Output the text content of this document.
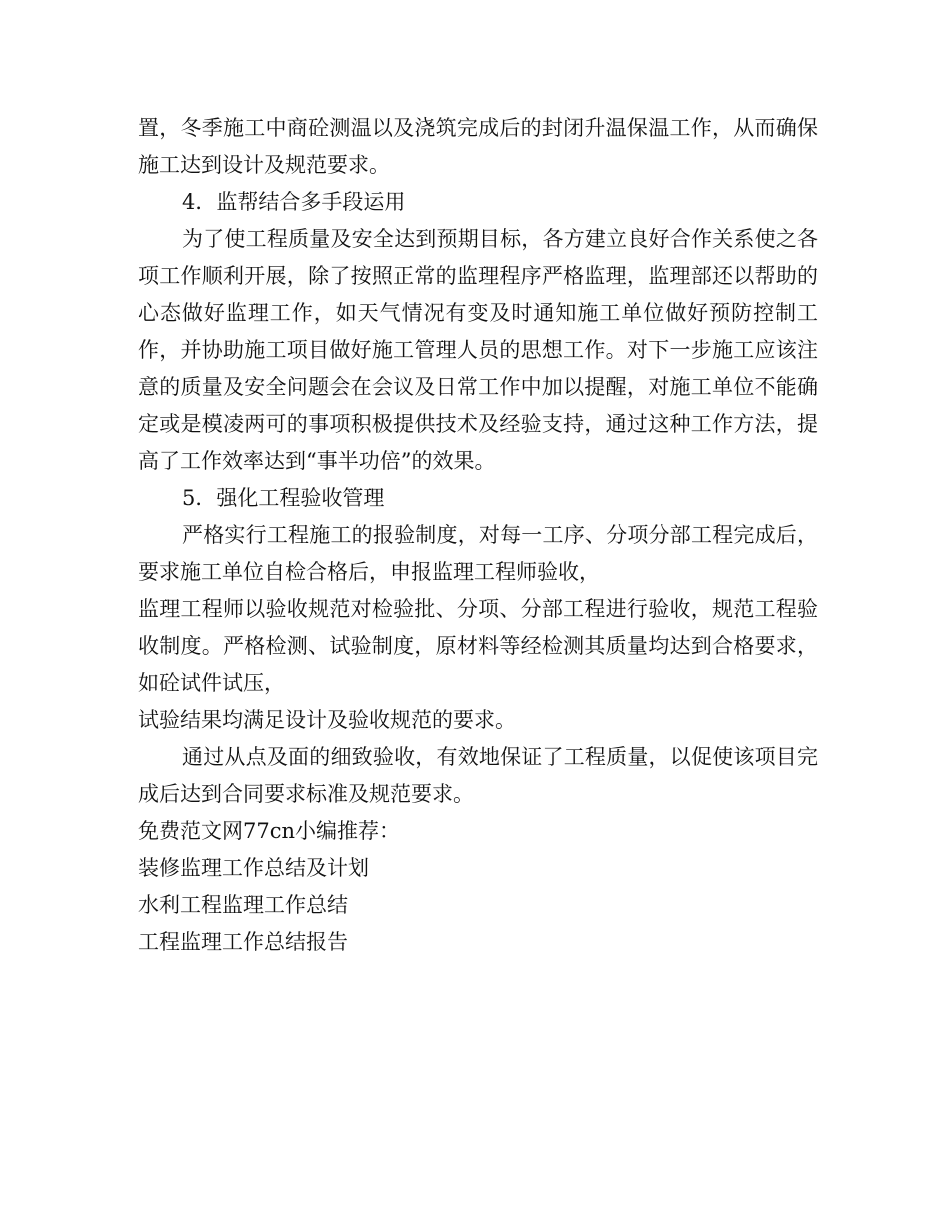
置，冬季施工中商砼测温以及浇筑完成后的封闭升温保温工作，从而确保施工达到设计及规范要求。

4．监帮结合多手段运用

为了使工程质量及安全达到预期目标，各方建立良好合作关系使之各项工作顺利开展，除了按照正常的监理程序严格监理，监理部还以帮助的心态做好监理工作，如天气情况有变及时通知施工单位做好预防控制工作，并协助施工项目做好施工管理人员的思想工作。对下一步施工应该注意的质量及安全问题会在会议及日常工作中加以提醒，对施工单位不能确定或是模凌两可的事项积极提供技术及经验支持，通过这种工作方法，提高了工作效率达到“事半功倍”的效果。

5．强化工程验收管理

严格实行工程施工的报验制度，对每一工序、分项分部工程完成后，要求施工单位自检合格后，申报监理工程师验收，

监理工程师以验收规范对检验批、分项、分部工程进行验收，规范工程验收制度。严格检测、试验制度，原材料等经检测其质量均达到合格要求，如砼试件试压，

试验结果均满足设计及验收规范的要求。

通过从点及面的细致验收，有效地保证了工程质量，以促使该项目完成后达到合同要求标准及规范要求。

免费范文网77cn小编推荐：

装修监理工作总结及计划

水利工程监理工作总结

工程监理工作总结报告
